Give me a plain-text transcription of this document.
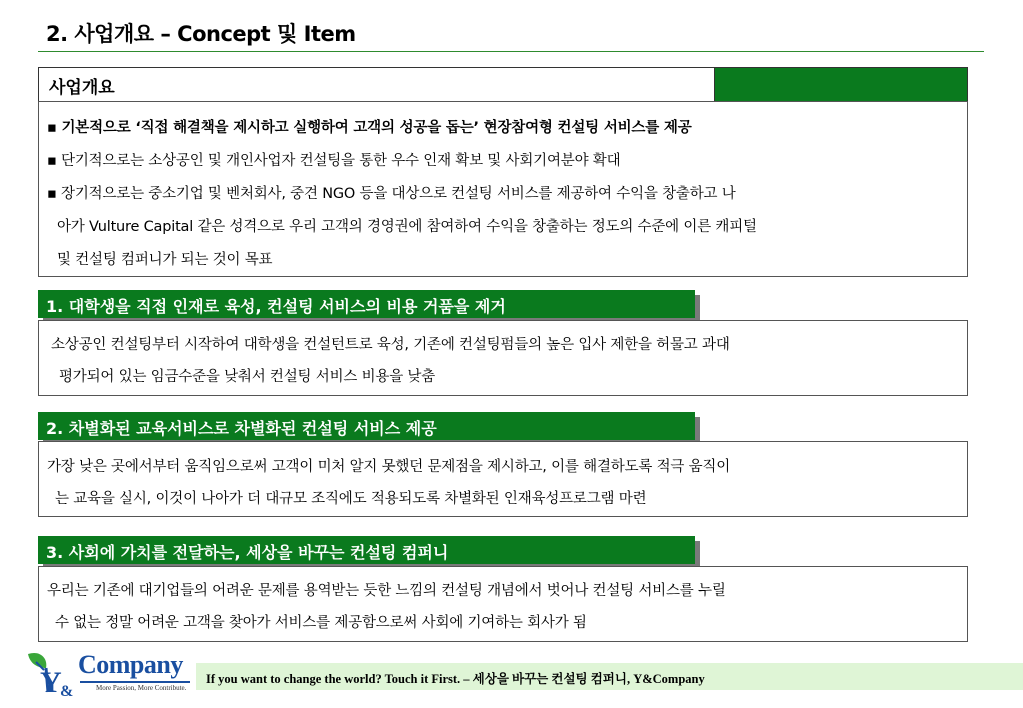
2. 사업개요 – Concept 및 Item
사업개요
▪ 기본적으로 ‘직접 해결책을 제시하고 실행하여 고객의 성공을 돕는’ 현장참여형 컨설팅 서비스를 제공
▪ 단기적으로는 소상공인 및 개인사업자 컨설팅을 통한 우수 인재 확보 및 사회기여분야 확대
▪ 장기적으로는 중소기업 및 벤처회사, 중견 NGO 등을 대상으로 컨설팅 서비스를 제공하여 수익을 창출하고 나
아가 Vulture Capital 같은 성격으로 우리 고객의 경영권에 참여하여 수익을 창출하는 정도의 수준에 이른 캐피털
및 컨설팅 컴퍼니가 되는 것이 목표
1. 대학생을 직접 인재로 육성, 컨설팅 서비스의 비용 거품을 제거
소상공인 컨설팅부터 시작하여 대학생을 컨설턴트로 육성, 기존에 컨설팅펌들의 높은 입사 제한을 허물고 과대
평가되어 있는 임금수준을 낮춰서 컨설팅 서비스 비용을 낮춤
2. 차별화된 교육서비스로 차별화된 컨설팅 서비스 제공
가장 낮은 곳에서부터 움직임으로써 고객이 미처 알지 못했던 문제점을 제시하고, 이를 해결하도록 적극 움직이
는 교육을 실시, 이것이 나아가 더 대규모 조직에도 적용되도록 차별화된 인재육성프로그램 마련
3. 사회에 가치를 전달하는, 세상을 바꾸는 컨설팅 컴퍼니
우리는 기존에 대기업들의 어려운 문제를 용역받는 듯한 느낌의 컨설팅 개념에서 벗어나 컨설팅 서비스를 누릴
수 없는 정말 어려운 고객을 찾아가 서비스를 제공함으로써 사회에 기여하는 회사가 됨
Y
&
Company
More Passion, More Contribute.
If you want to change the world? Touch it First. – 세상을 바꾸는 컨설팅 컴퍼니, Y&Company
